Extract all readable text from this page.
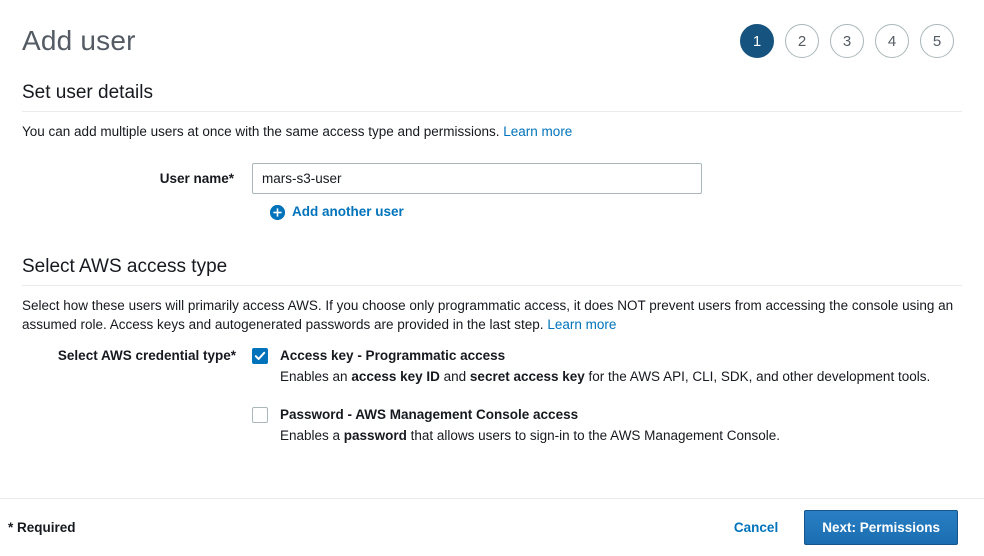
Add user	1	2	3	4	5
Set user details

You can add multiple users at once with the same access type and permissions. Learn more

User name*
mars-s3-user
Add another user
Select AWS access type

Select how these users will primarily access AWS. If you choose only programmatic access, it does NOT prevent users from accessing the console using an assumed role. Access keys and autogenerated passwords are provided in the last step. Learn more

Select AWS credential type*	Access key - Programmatic access
Enables an access key ID and secret access key for the AWS API, CLI, SDK, and other development tools.
Password - AWS Management Console access
Enables a password that allows users to sign-in to the AWS Management Console.
* Required	Cancel	Next: Permissions
